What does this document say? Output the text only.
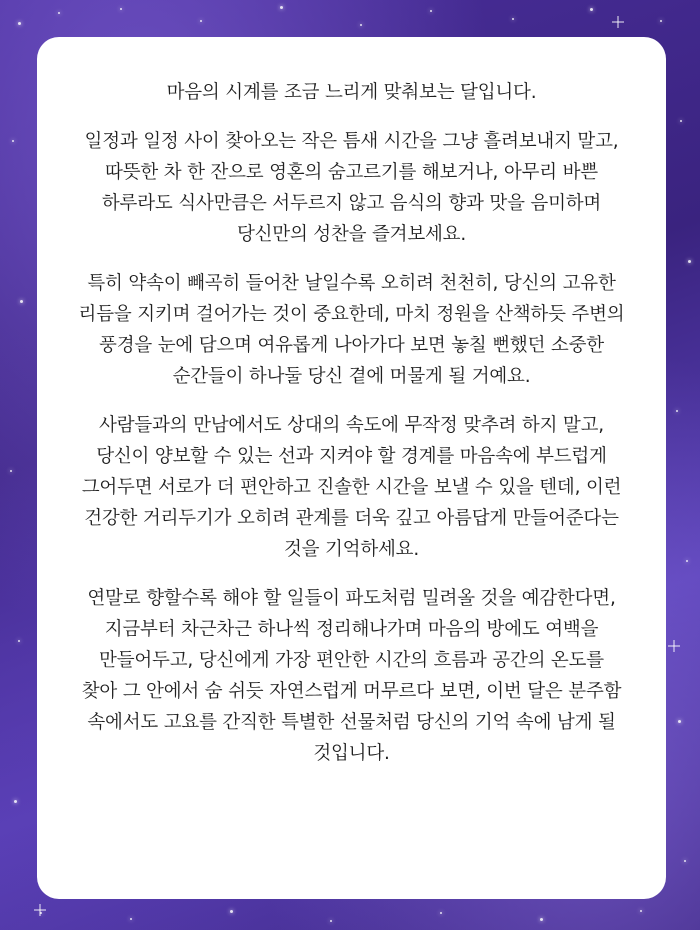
마음의 시계를 조금 느리게 맞춰보는 달입니다.

일정과 일정 사이 찾아오는 작은 틈새 시간을 그냥 흘려보내지 말고,
따뜻한 차 한 잔으로 영혼의 숨고르기를 해보거나, 아무리 바쁜
하루라도 식사만큼은 서두르지 않고 음식의 향과 맛을 음미하며
당신만의 성찬을 즐겨보세요.

특히 약속이 빼곡히 들어찬 날일수록 오히려 천천히, 당신의 고유한
리듬을 지키며 걸어가는 것이 중요한데, 마치 정원을 산책하듯 주변의
풍경을 눈에 담으며 여유롭게 나아가다 보면 놓칠 뻔했던 소중한
순간들이 하나둘 당신 곁에 머물게 될 거예요.

사람들과의 만남에서도 상대의 속도에 무작정 맞추려 하지 말고,
당신이 양보할 수 있는 선과 지켜야 할 경계를 마음속에 부드럽게
그어두면 서로가 더 편안하고 진솔한 시간을 보낼 수 있을 텐데, 이런
건강한 거리두기가 오히려 관계를 더욱 깊고 아름답게 만들어준다는
것을 기억하세요.

연말로 향할수록 해야 할 일들이 파도처럼 밀려올 것을 예감한다면,
지금부터 차근차근 하나씩 정리해나가며 마음의 방에도 여백을
만들어두고, 당신에게 가장 편안한 시간의 흐름과 공간의 온도를
찾아 그 안에서 숨 쉬듯 자연스럽게 머무르다 보면, 이번 달은 분주함
속에서도 고요를 간직한 특별한 선물처럼 당신의 기억 속에 남게 될
것입니다.
